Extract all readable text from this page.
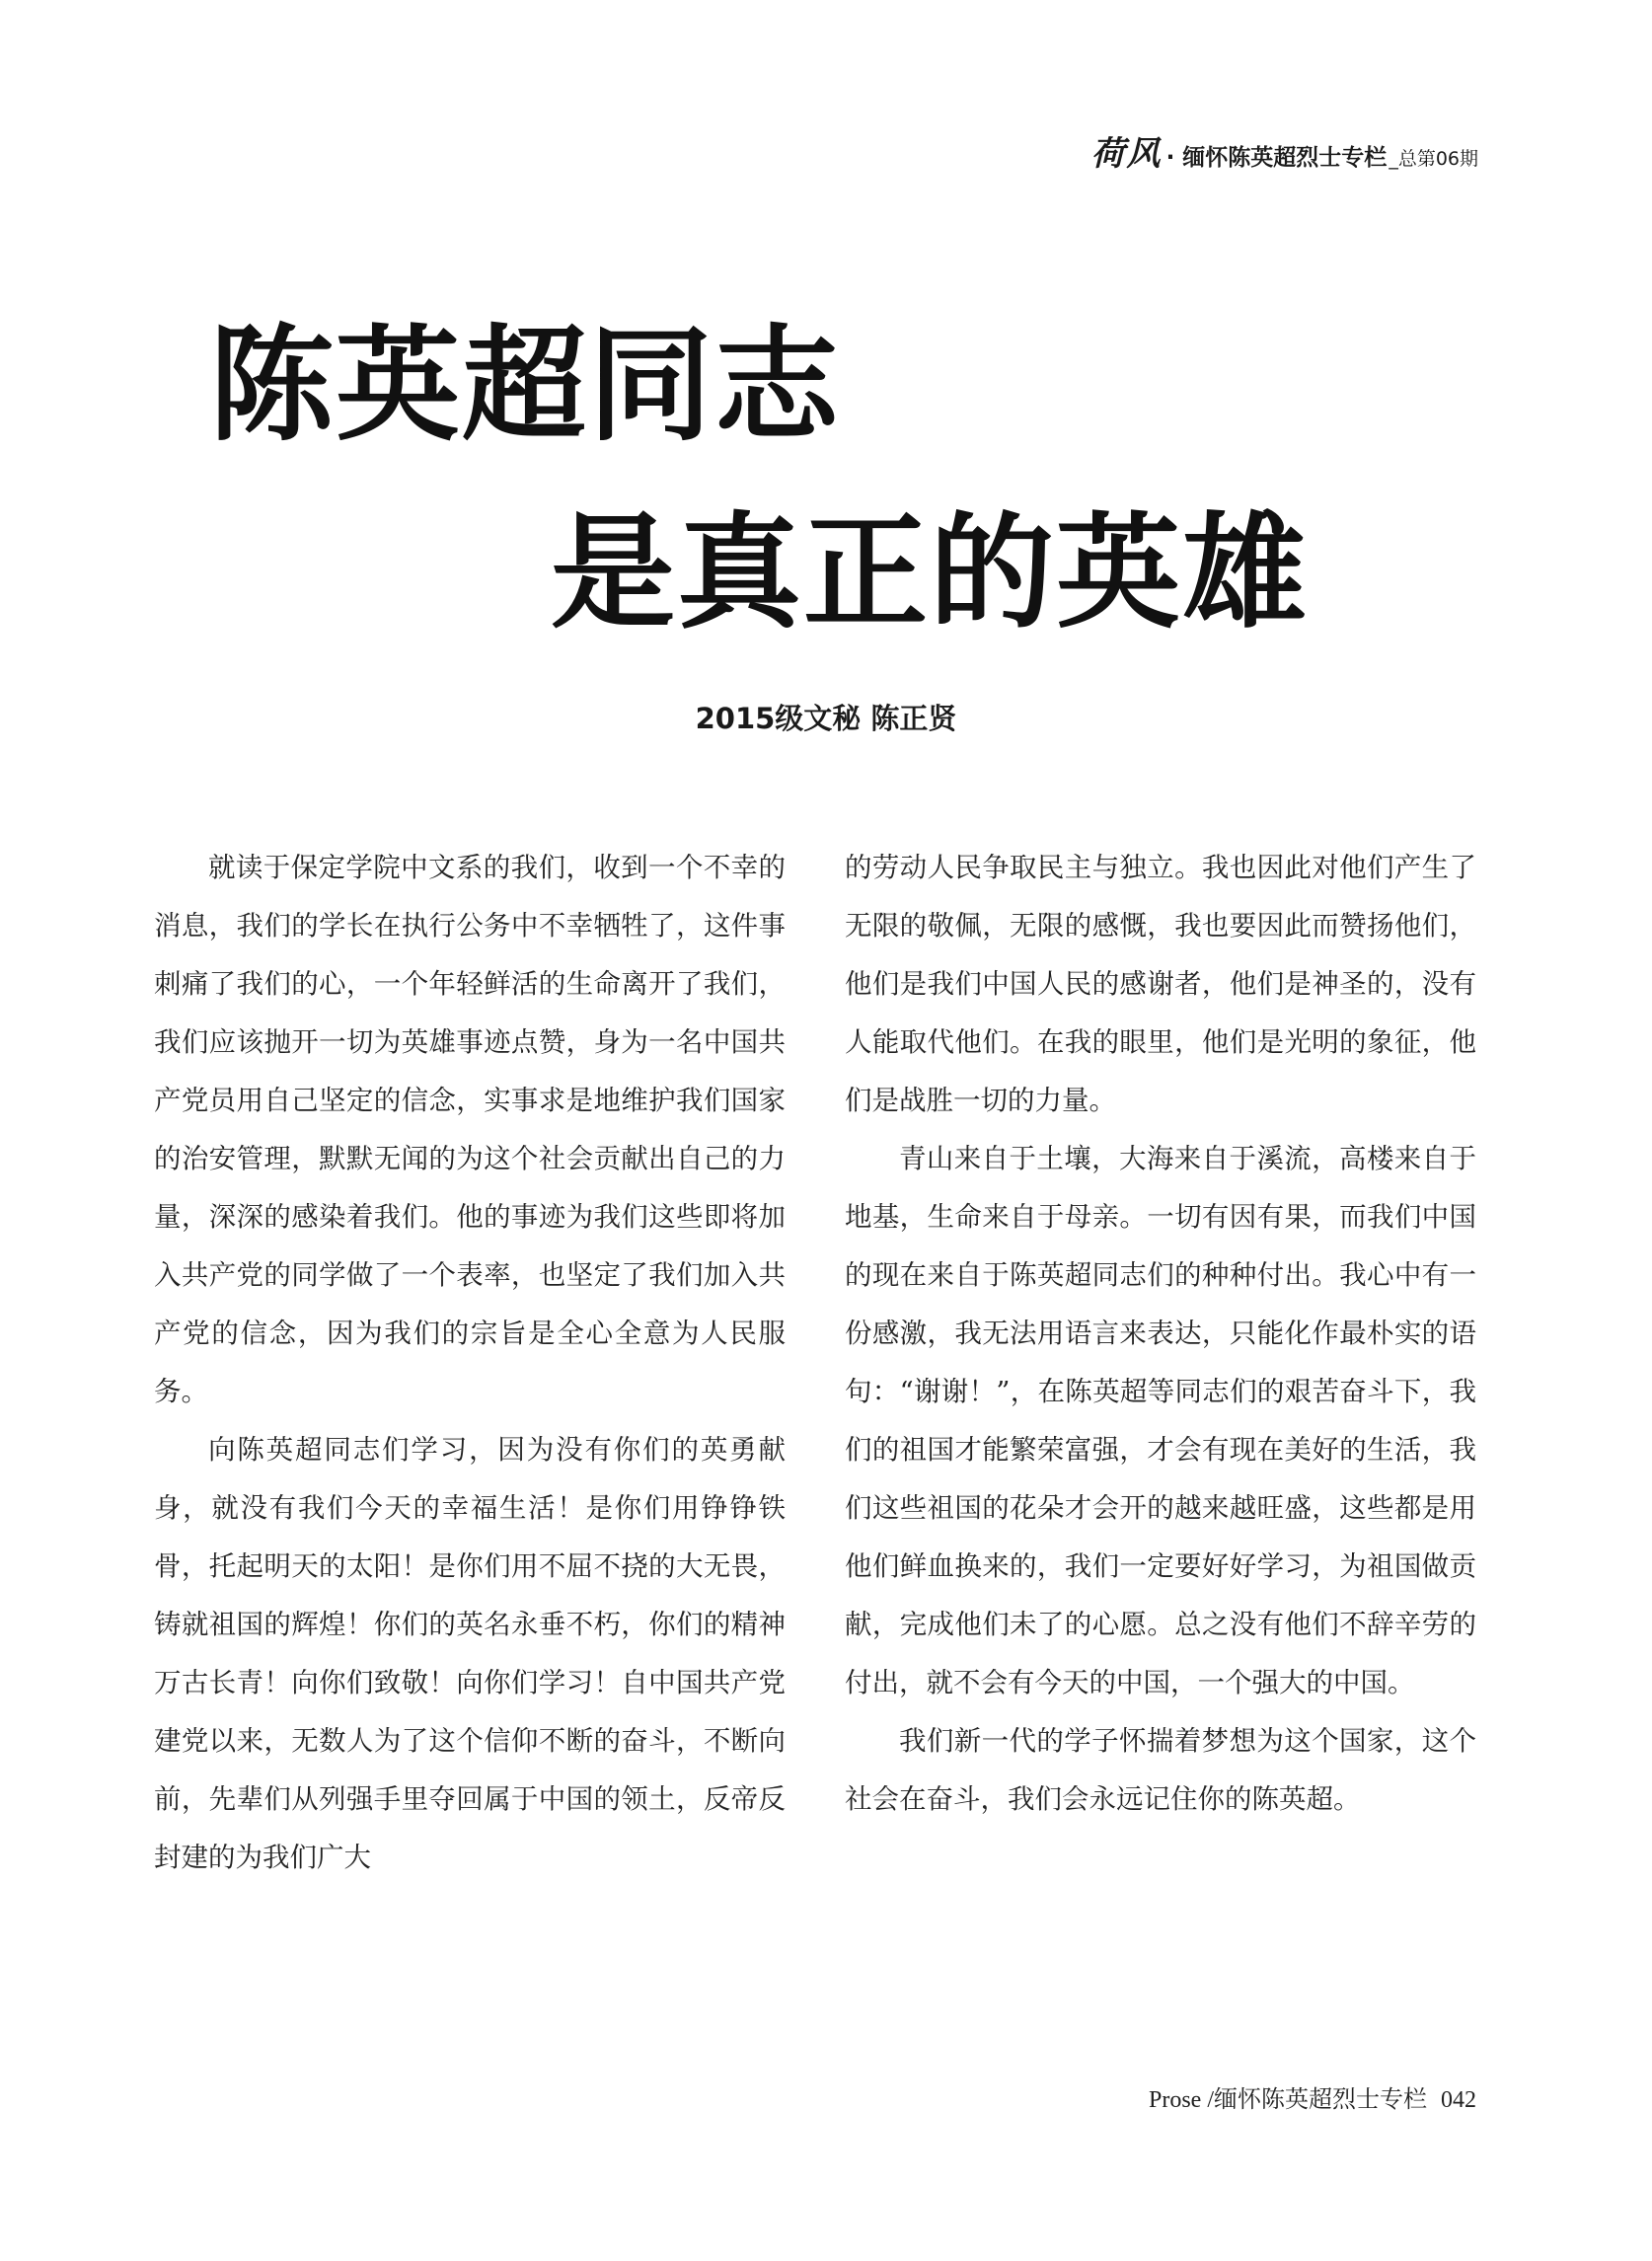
荷风 · 缅怀陈英超烈士专栏 _总第06期
陈英超同志
是真正的英雄
2015级文秘 陈正贤

就读于保定学院中文系的我们，收到一个不幸的消息，我们的学长在执行公务中不幸牺牲了，这件事刺痛了我们的心，一个年轻鲜活的生命离开了我们，我们应该抛开一切为英雄事迹点赞，身为一名中国共产党员用自己坚定的信念，实事求是地维护我们国家的治安管理，默默无闻的为这个社会贡献出自己的力量，深深的感染着我们。他的事迹为我们这些即将加入共产党的同学做了一个表率，也坚定了我们加入共产党的信念，因为我们的宗旨是全心全意为人民服务。

向陈英超同志们学习，因为没有你们的英勇献身，就没有我们今天的幸福生活！是你们用铮铮铁骨，托起明天的太阳！是你们用不屈不挠的大无畏，铸就祖国的辉煌！你们的英名永垂不朽，你们的精神万古长青！向你们致敬！向你们学习！自中国共产党建党以来，无数人为了这个信仰不断的奋斗，不断向前，先辈们从列强手里夺回属于中国的领土，反帝反封建的为我们广大

的劳动人民争取民主与独立。我也因此对他们产生了无限的敬佩，无限的感慨，我也要因此而赞扬他们，他们是我们中国人民的感谢者，他们是神圣的，没有人能取代他们。在我的眼里，他们是光明的象征，他们是战胜一切的力量。

青山来自于土壤，大海来自于溪流，高楼来自于地基，生命来自于母亲。一切有因有果，而我们中国的现在来自于陈英超同志们的种种付出。我心中有一份感激，我无法用语言来表达，只能化作最朴实的语句：“谢谢！”，在陈英超等同志们的艰苦奋斗下，我们的祖国才能繁荣富强，才会有现在美好的生活，我们这些祖国的花朵才会开的越来越旺盛，这些都是用他们鲜血换来的，我们一定要好好学习，为祖国做贡献，完成他们未了的心愿。总之没有他们不辞辛劳的付出，就不会有今天的中国，一个强大的中国。

我们新一代的学子怀揣着梦想为这个国家，这个社会在奋斗，我们会永远记住你的陈英超。

Prose /缅怀陈英超烈士专栏 042
